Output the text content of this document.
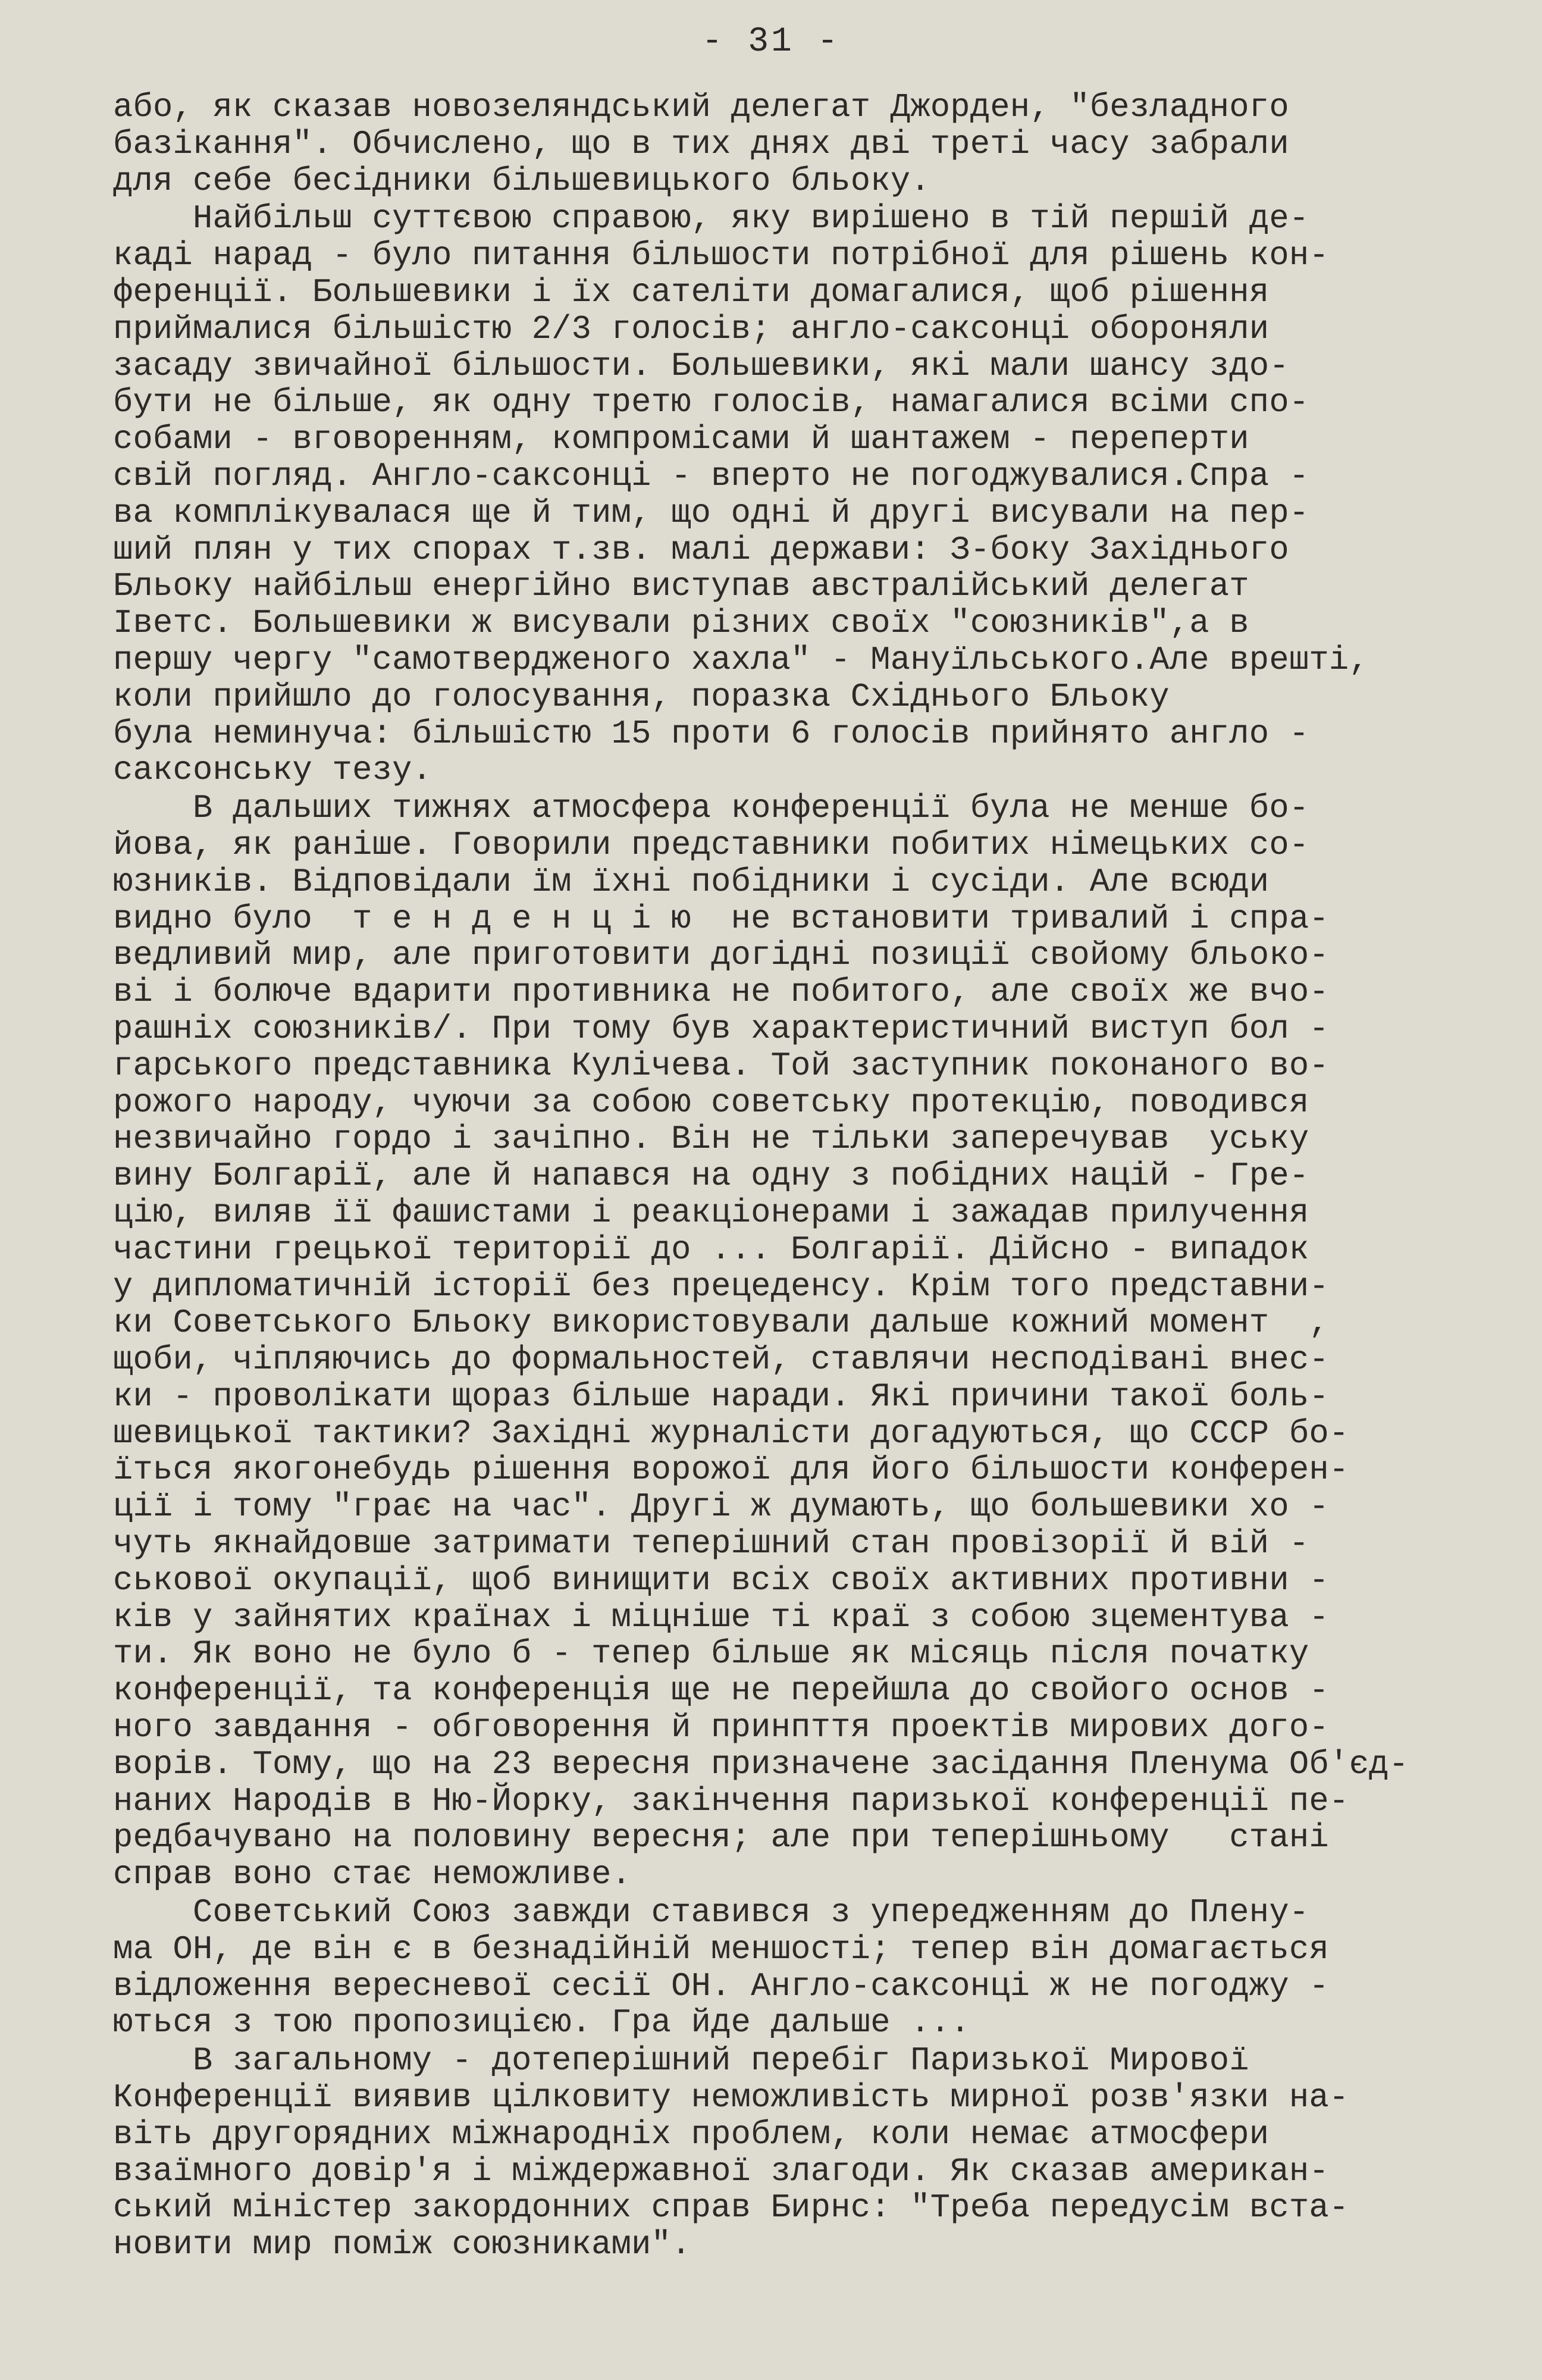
- 31 -
або, як сказав новозеляндський делегат Джорден, "безладного
базікання". Обчислено, що в тих днях дві треті часу забрали
для себе бесідники більшевицького бльоку.
Найбільш суттєвою справою, яку вирішено в тій першій де-
каді нарад - було питання більшости потрібної для рішень кон-
ференції. Большевики і їх сателіти домагалися, щоб рішення
приймалися більшістю 2/3 голосів; англо-саксонці обороняли
засаду звичайної більшости. Большевики, які мали шансу здо-
бути не більше, як одну третю голосів, намагалися всіми спо-
собами - вговоренням, компромісами й шантажем - переперти
свій погляд. Англо-саксонці - вперто не погоджувалися.Спра -
ва комплікувалася ще й тим, що одні й другі висували на пер-
ший плян у тих спорах т.зв. малі держави: З-боку Західнього
Бльоку найбільш енергійно виступав австралійський делегат
Іветс. Большевики ж висували різних своїх "союзників",а в
першу чергу "самотвердженого хахла" - Мануїльського.Але врешті,
коли прийшло до голосування, поразка Східнього Бльоку
була неминуча: більшістю 15 проти 6 голосів прийнято англо -
саксонську тезу.
В дальших тижнях атмосфера конференції була не менше бо-
йова, як раніше. Говорили представники побитих німецьких со-
юзників. Відповідали їм їхні побідники і сусіди. Але всюди
видно було  т е н д е н ц і ю  не встановити тривалий і спра-
ведливий мир, але приготовити догідні позиції свойому бльоко-
ві і болюче вдарити противника не побитого, але своїх же вчо-
рашніх союзників/. При тому був характеристичний виступ бол -
гарського представника Кулічева. Той заступник поконаного во-
рожого народу, чуючи за собою советську протекцію, поводився
незвичайно гордо і зачіпно. Він не тільки заперечував  уську
вину Болгарії, але й напався на одну з побідних націй - Гре-
цію, виляв її фашистами і реакціонерами і зажадав прилучення
частини грецької території до ... Болгарії. Дійсно - випадок
у дипломатичній історії без прецеденсу. Крім того представни-
ки Советського Бльоку використовували дальше кожний момент  ,
щоби, чіпляючись до формальностей, ставлячи несподівані внес-
ки - проволікати щораз більше наради. Які причини такої боль-
шевицької тактики? Західні журналісти догадуються, що СССР бо-
їться якогонебудь рішення ворожої для його більшости конферен-
ції і тому "грає на час". Другі ж думають, що большевики хо -
чуть якнайдовше затримати теперішний стан провізорії й вій -
ськової окупації, щоб винищити всіх своїх активних противни -
ків у зайнятих країнах і міцніше ті краї з собою зцементува -
ти. Як воно не було б - тепер більше як місяць після початку
конференції, та конференція ще не перейшла до свойого основ -
ного завдання - обговорення й принпття проектів мирових дого-
ворів. Тому, що на 23 вересня призначене засідання Пленума Об'єд-
наних Народів в Ню-Йорку, закінчення паризької конференції пе-
редбачувано на половину вересня; але при теперішньому   стані
справ воно стає неможливе.
Советський Союз завжди ставився з упередженням до Пленy-
ма ОН, де він є в безнадійній меншості; тепер він домагається
відложення вересневої сесії ОН. Англо-саксонці ж не погоджу -
ються з тою пропозицією. Гра йде дальше ...
В загальному - дотеперішний перебіг Паризької Мирової
Конференції виявив цілковиту неможливість мирної розв'язки на-
віть другорядних міжнародніх проблем, коли немає атмосфери
взаїмного довір'я і міждержавної злагоди. Як сказав американ-
ський міністер закордонних справ Бирнс: "Треба передусім вста-
новити мир поміж союзниками".
